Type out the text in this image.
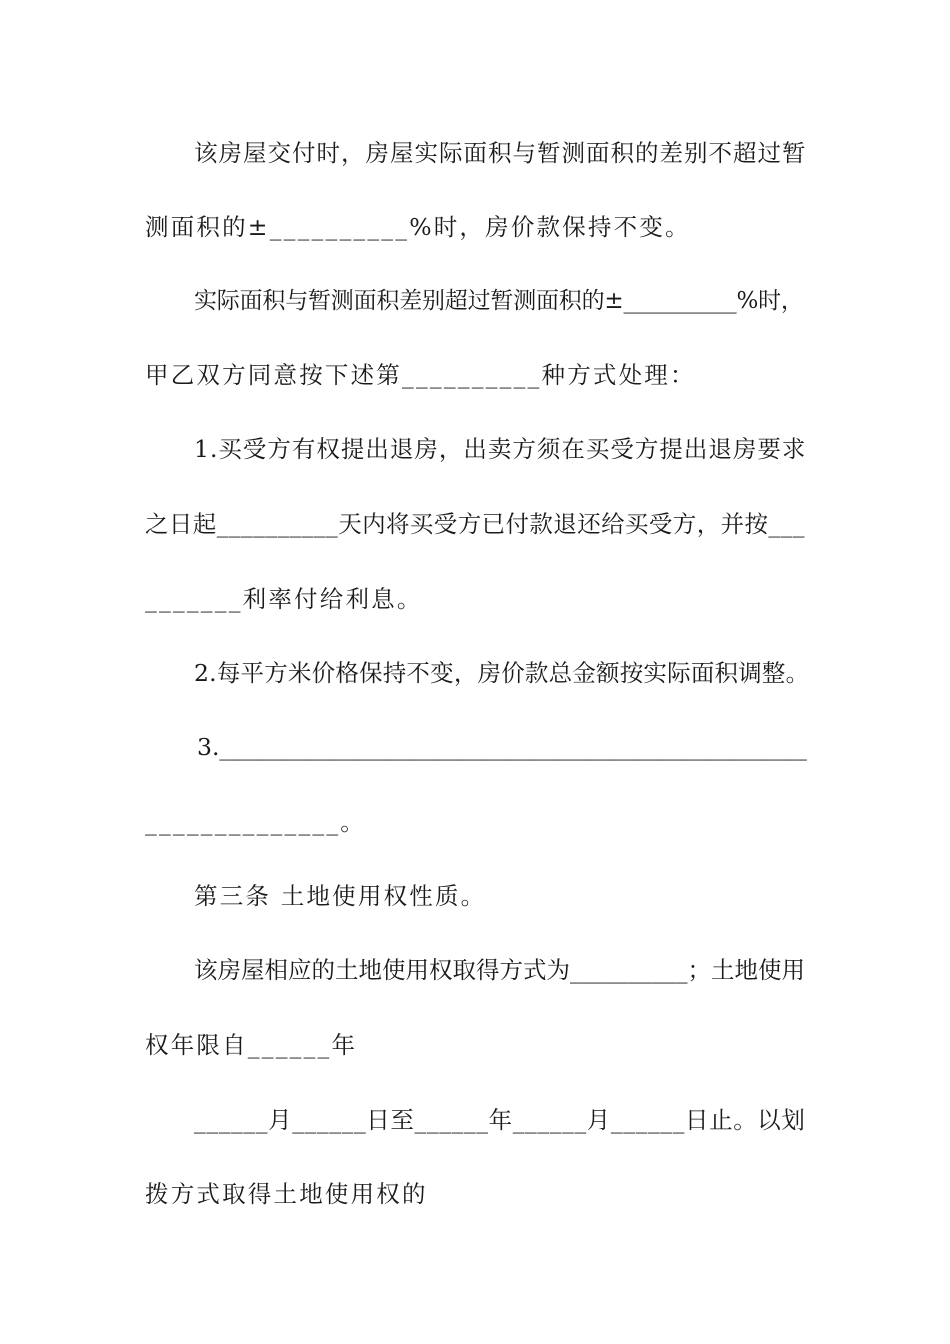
该房屋交付时，房屋实际面积与暂测面积的差别不超过暂
测面积的±__________%时，房价款保持不变。
实际面积与暂测面积差别超过暂测面积的±__________%时，
甲乙双方同意按下述第__________种方式处理：
1.买受方有权提出退房，出卖方须在买受方提出退房要求
之日起__________天内将买受方已付款退还给买受方，并按___
_______利率付给利息。
2.每平方米价格保持不变，房价款总金额按实际面积调整。
3.__________________________________________________
______________。
第三条 土地使用权性质。
该房屋相应的土地使用权取得方式为__________；土地使用
权年限自______年
______月______日至______年______月______日止。以划
拨方式取得土地使用权的
